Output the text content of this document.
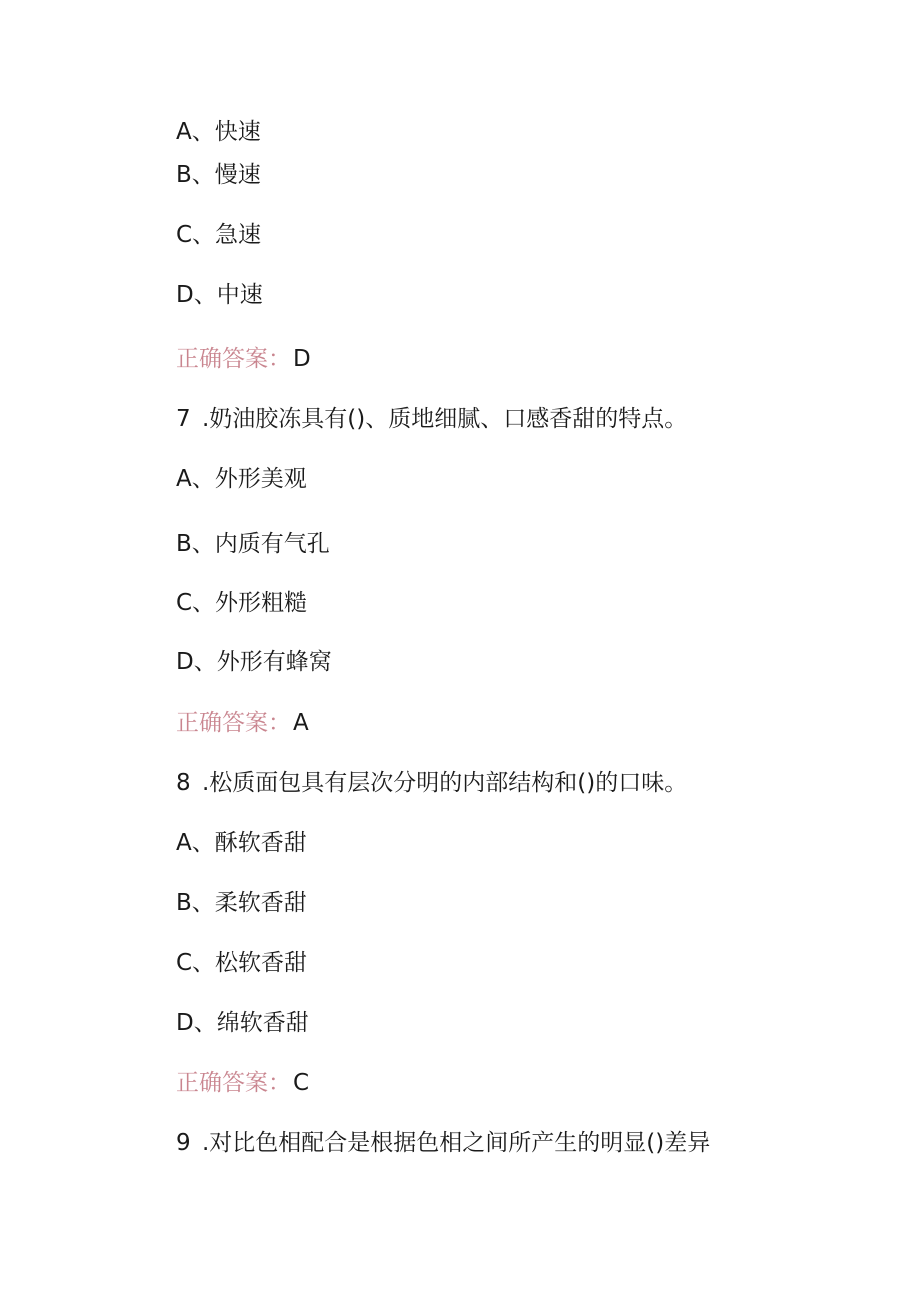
A、快速
B、慢速
C、急速
D、中速
正确答案：D
7 .奶油胶冻具有()、质地细腻、口感香甜的特点。
A、外形美观
B、内质有气孔
C、外形粗糙
D、外形有蜂窝
正确答案：A
8 .松质面包具有层次分明的内部结构和()的口味。
A、酥软香甜
B、柔软香甜
C、松软香甜
D、绵软香甜
正确答案：C
9 .对比色相配合是根据色相之间所产生的明显()差异
